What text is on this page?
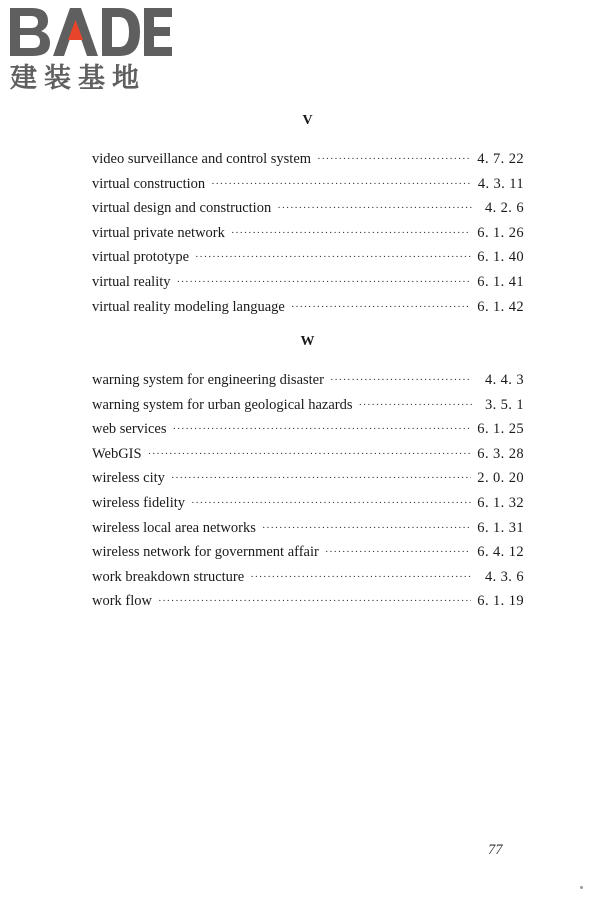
建装基地
V
video surveillance and control system ·····	4. 7. 22
virtual construction ·····	4. 3. 11
virtual design and construction ·····	4. 2. 6
virtual private network ·····	6. 1. 26
virtual prototype ·····	6. 1. 40
virtual reality ·····	6. 1. 41
virtual reality modeling language ·····	6. 1. 42
W
warning system for engineering disaster ·····	4. 4. 3
warning system for urban geological hazards ·····	3. 5. 1
web services ·····	6. 1. 25
WebGIS ·····	6. 3. 28
wireless city ·····	2. 0. 20
wireless fidelity ·····	6. 1. 32
wireless local area networks ·····	6. 1. 31
wireless network for government affair ·····	6. 4. 12
work breakdown structure ·····	4. 3. 6
work flow ·····	6. 1. 19
77
